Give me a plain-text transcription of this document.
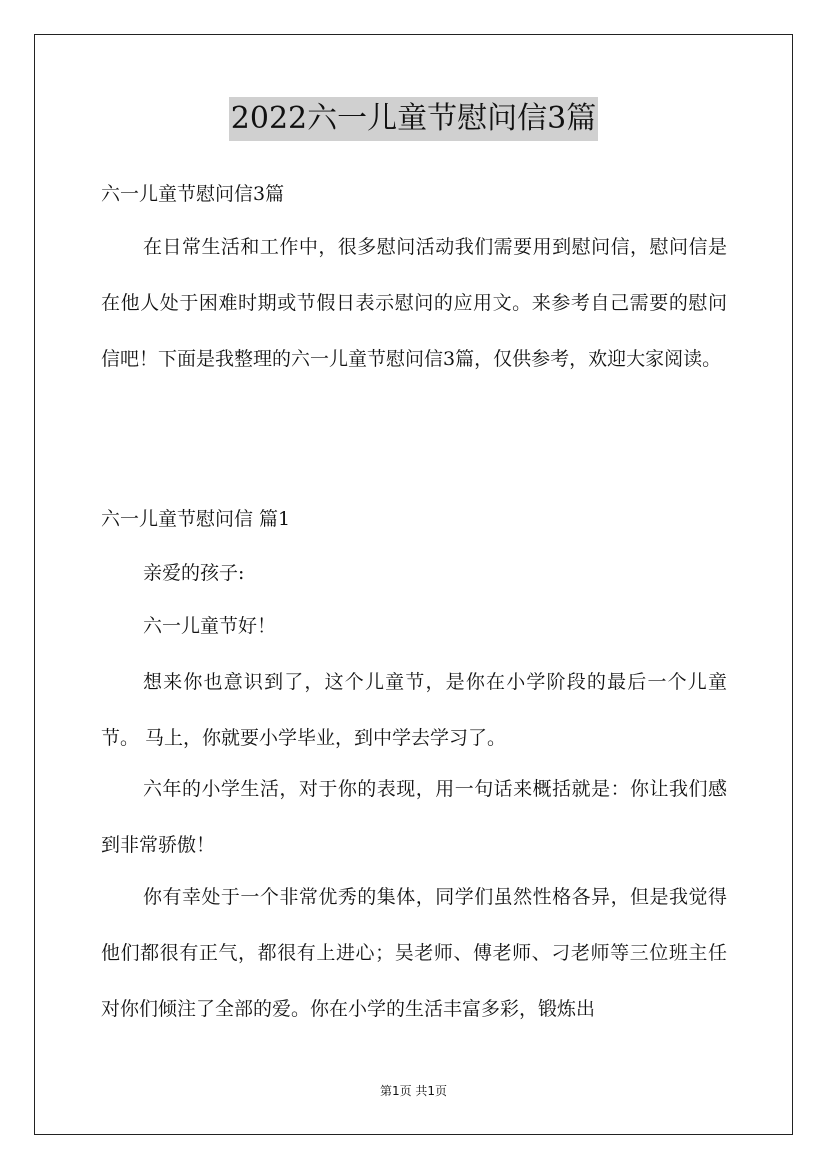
2022六一儿童节慰问信3篇

六一儿童节慰问信3篇

在日常生活和工作中，很多慰问活动我们需要用到慰问信，慰问信是在他人处于困难时期或节假日表示慰问的应用文。来参考自己需要的慰问信吧！下面是我整理的六一儿童节慰问信3篇，仅供参考，欢迎大家阅读。

六一儿童节慰问信 篇1

亲爱的孩子:

六一儿童节好！

想来你也意识到了，这个儿童节，是你在小学阶段的最后一个儿童节。 马上，你就要小学毕业，到中学去学习了。

六年的小学生活，对于你的表现，用一句话来概括就是：你让我们感到非常骄傲！

你有幸处于一个非常优秀的集体，同学们虽然性格各异，但是我觉得他们都很有正气，都很有上进心；吴老师、傅老师、刁老师等三位班主任对你们倾注了全部的爱。你在小学的生活丰富多彩，锻炼出

第1页 共1页
